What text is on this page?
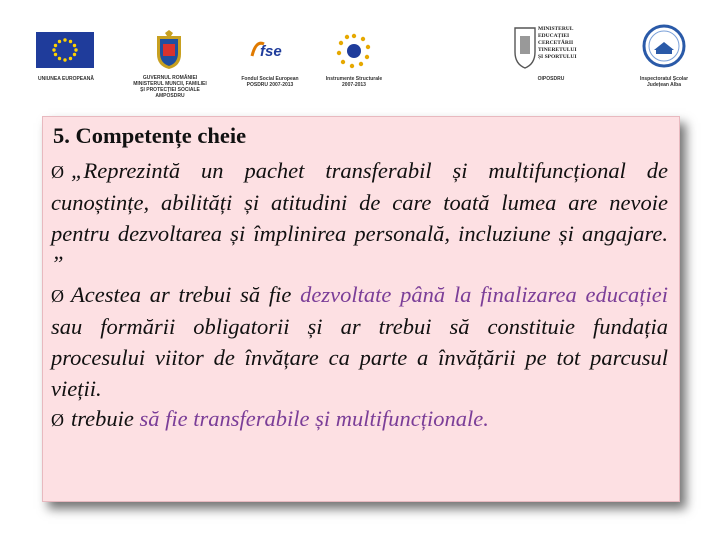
UNIUNEA EUROPEANĂ	GUVERNUL ROMÂNIEI
MINISTERUL MUNCII, FAMILIEI
ȘI PROTECȚIEI SOCIALE
AMPOSDRU
fse
Fondul Social European
POSDRU 2007-2013
Instrumente Structurale
2007-2013
MINISTERUL
EDUCAȚIEI
CERCETĂRII
TINERETULUI
ȘI SPORTULUI
OIPOSDRU	Inspectoratul Școlar
Județean Alba
5. Competențe cheie

Ø „Reprezintă un pachet transferabil și multifuncțional de cunoștințe, abilități și atitudini de care toată lumea are nevoie pentru dezvoltarea și împlinirea personală, incluziune și angajare. ”

Ø Acestea ar trebui să fie dezvoltate până la finalizarea educației sau formării obligatorii și ar trebui să constituie fundația procesului viitor de învățare ca parte a învățării pe tot parcusul vieții.

Ø trebuie să fie transferabile și multifuncționale.
